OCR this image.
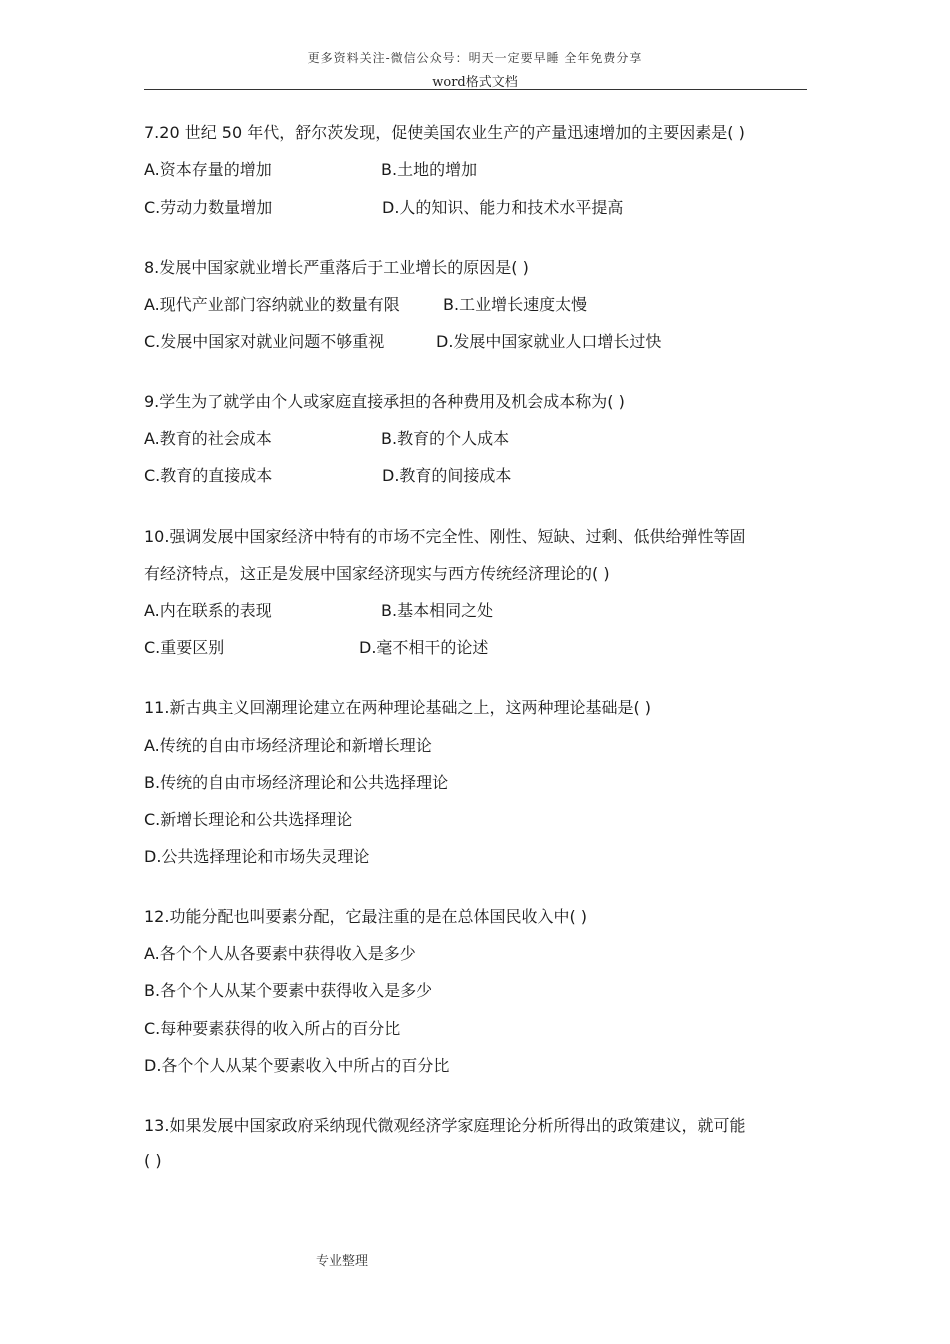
更多资料关注-微信公众号：明天一定要早睡 全年免费分享
word格式文档
7.20 世纪 50 年代，舒尔茨发现，促使美国农业生产的产量迅速增加的主要因素是( )
A.资本存量的增加	B.土地的增加
C.劳动力数量增加	D.人的知识、能力和技术水平提高
8.发展中国家就业增长严重落后于工业增长的原因是( )
A.现代产业部门容纳就业的数量有限	B.工业增长速度太慢
C.发展中国家对就业问题不够重视	D.发展中国家就业人口增长过快
9.学生为了就学由个人或家庭直接承担的各种费用及机会成本称为( )
A.教育的社会成本	B.教育的个人成本
C.教育的直接成本	D.教育的间接成本
10.强调发展中国家经济中特有的市场不完全性、刚性、短缺、过剩、低供给弹性等固
有经济特点，这正是发展中国家经济现实与西方传统经济理论的( )
A.内在联系的表现	B.基本相同之处
C.重要区别	D.毫不相干的论述
11.新古典主义回潮理论建立在两种理论基础之上，这两种理论基础是( )
A.传统的自由市场经济理论和新增长理论
B.传统的自由市场经济理论和公共选择理论
C.新增长理论和公共选择理论
D.公共选择理论和市场失灵理论
12.功能分配也叫要素分配，它最注重的是在总体国民收入中( )
A.各个个人从各要素中获得收入是多少
B.各个个人从某个要素中获得收入是多少
C.每种要素获得的收入所占的百分比
D.各个个人从某个要素收入中所占的百分比
13.如果发展中国家政府采纳现代微观经济学家庭理论分析所得出的政策建议，就可能
( )
专业整理
